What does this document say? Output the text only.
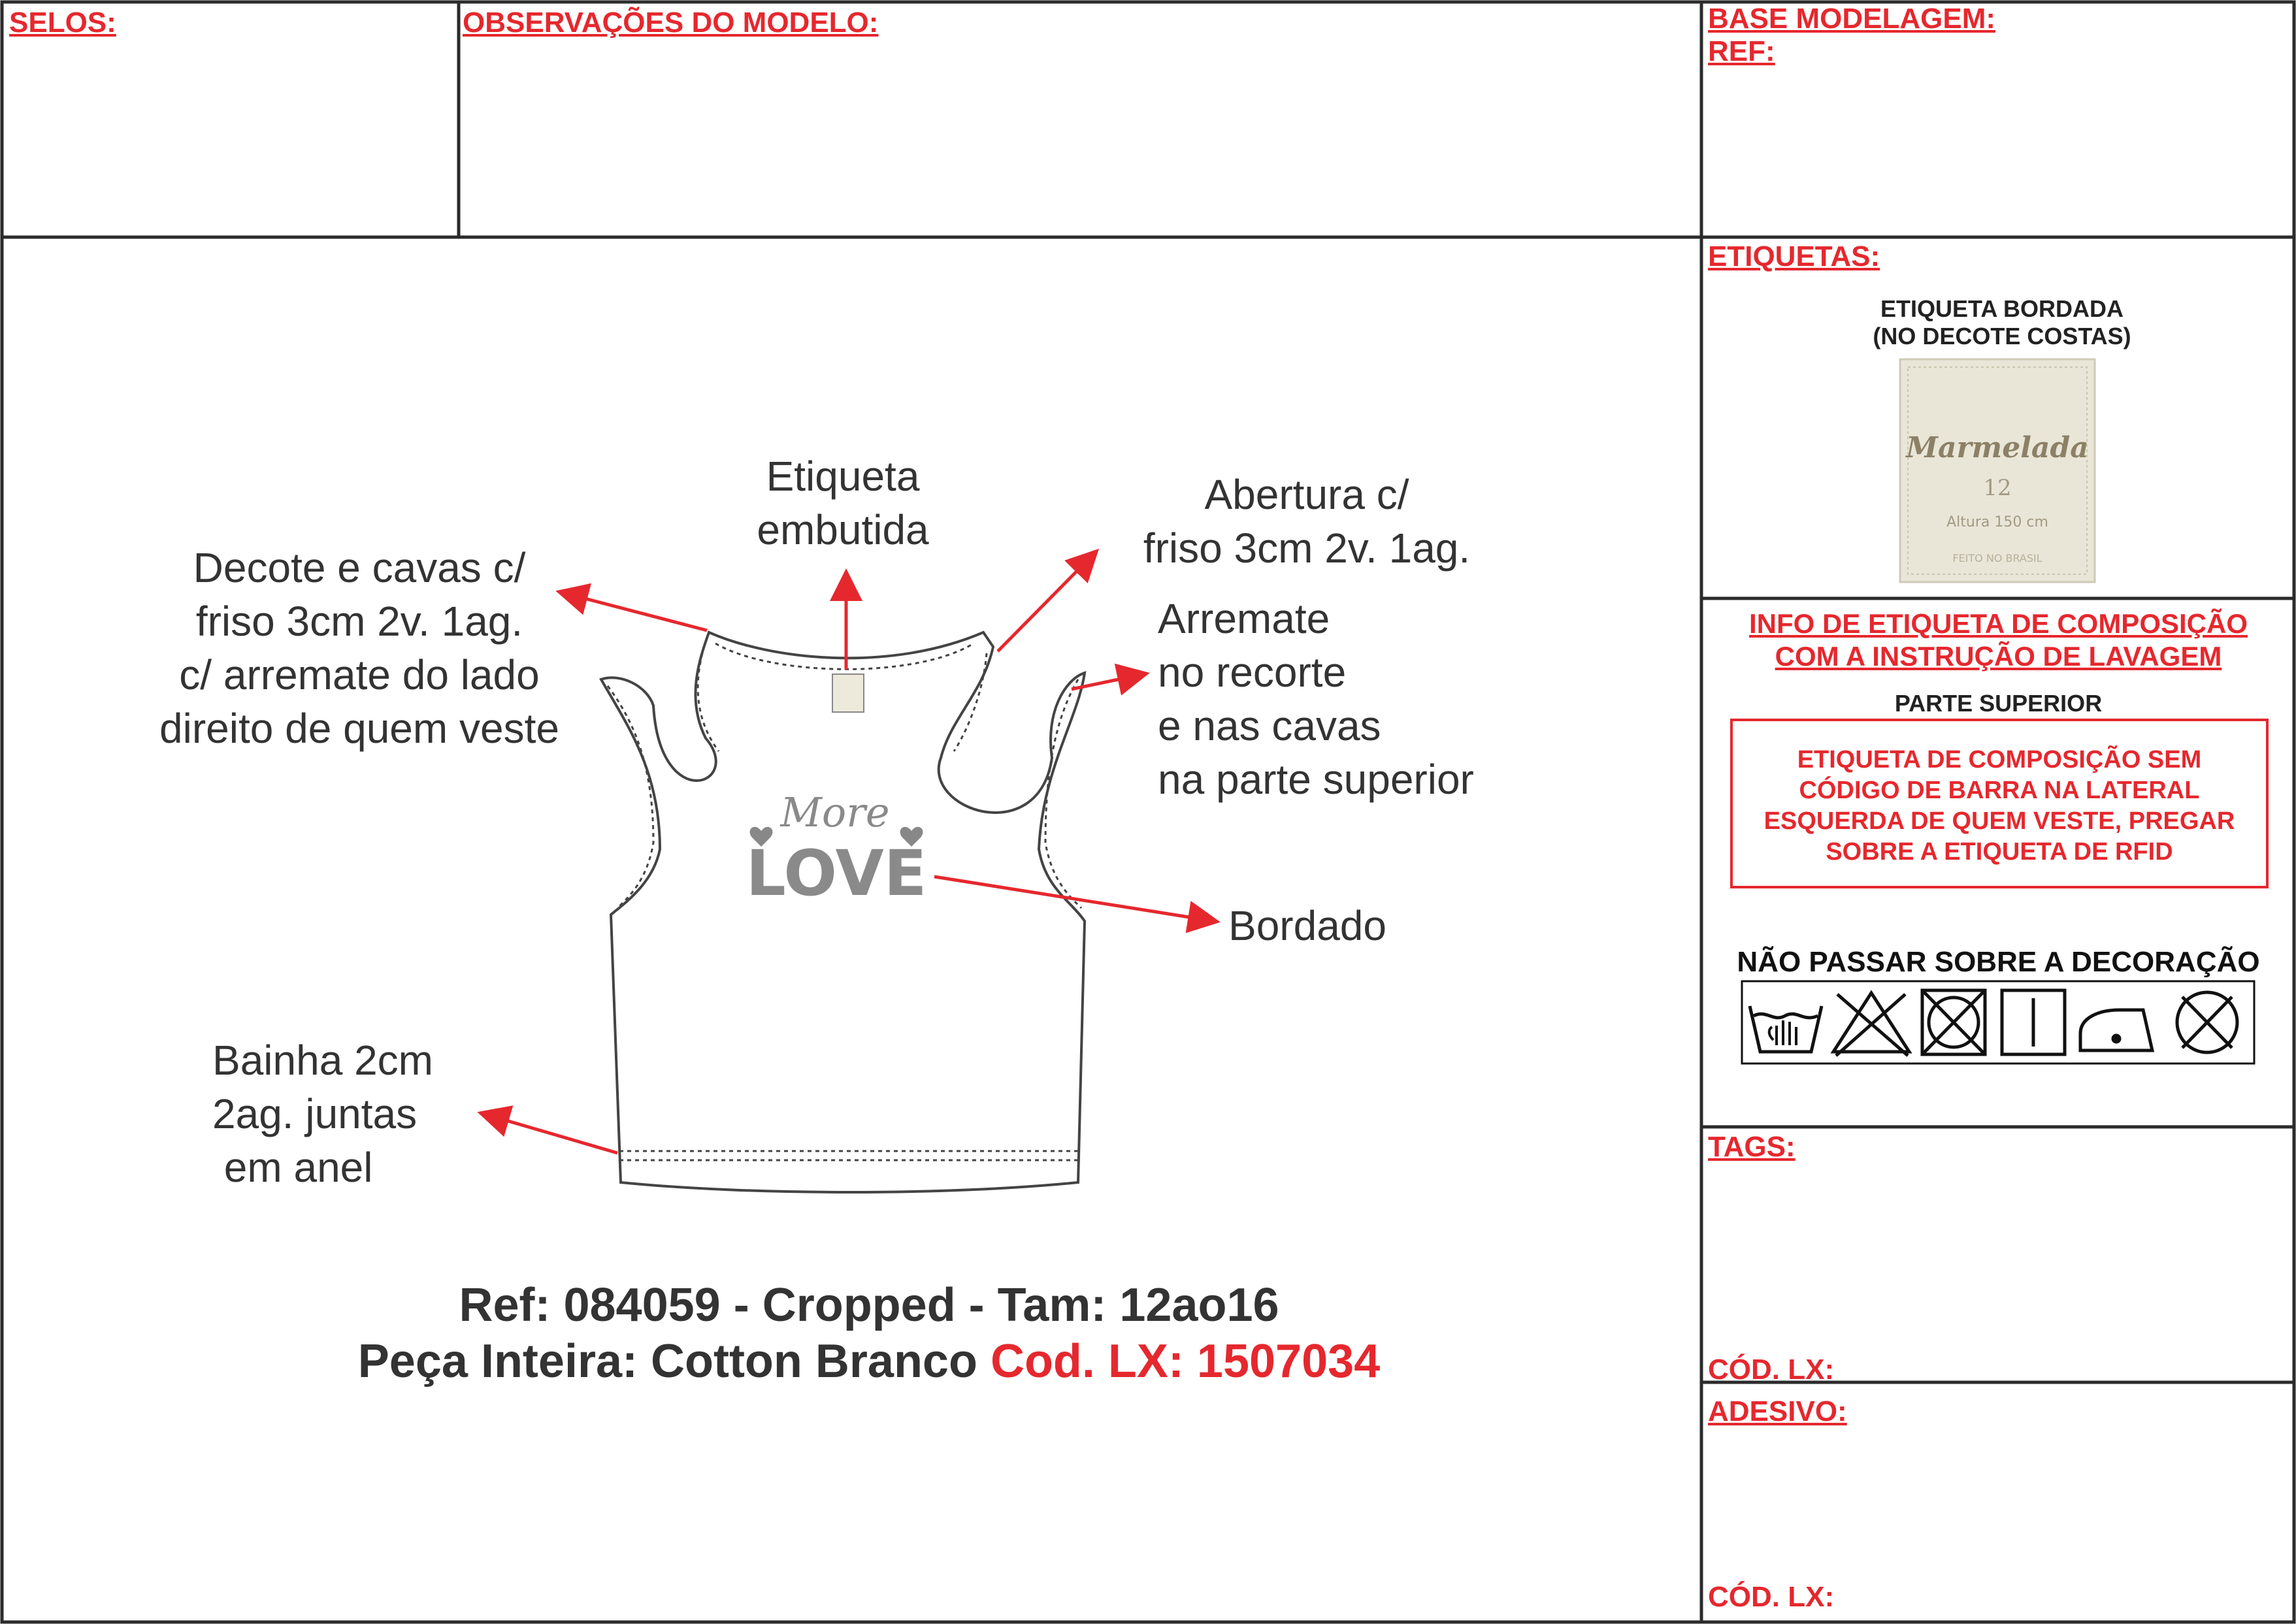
SELOS:	OBSERVAÇÕES DO MODELO:	BASE MODELAGEM:
REF:
More
LOVE
Decote e cavas c/
friso 3cm 2v. 1ag.
c/ arremate do lado
direito de quem veste
Etiqueta
embutida
Abertura c/
friso 3cm 2v. 1ag.
Arremate
no recorte
e nas cavas
na parte superior
Bordado
Bainha 2cm
2ag. juntas
em anel
Ref: 084059 - Cropped - Tam: 12ao16
Peça Inteira: Cotton Branco Cod. LX: 1507034
ETIQUETAS:
ETIQUETA BORDADA
(NO DECOTE COSTAS)
Marmelada
12
Altura 150 cm
FEITO NO BRASIL
INFO DE ETIQUETA DE COMPOSIÇÃO
COM A INSTRUÇÃO DE LAVAGEM
PARTE SUPERIOR
ETIQUETA DE COMPOSIÇÃO SEM
CÓDIGO DE BARRA NA LATERAL
ESQUERDA DE QUEM VESTE, PREGAR
SOBRE A ETIQUETA DE RFID
NÃO PASSAR SOBRE A DECORAÇÃO
TAGS:
CÓD. LX:
ADESIVO:
CÓD. LX:
